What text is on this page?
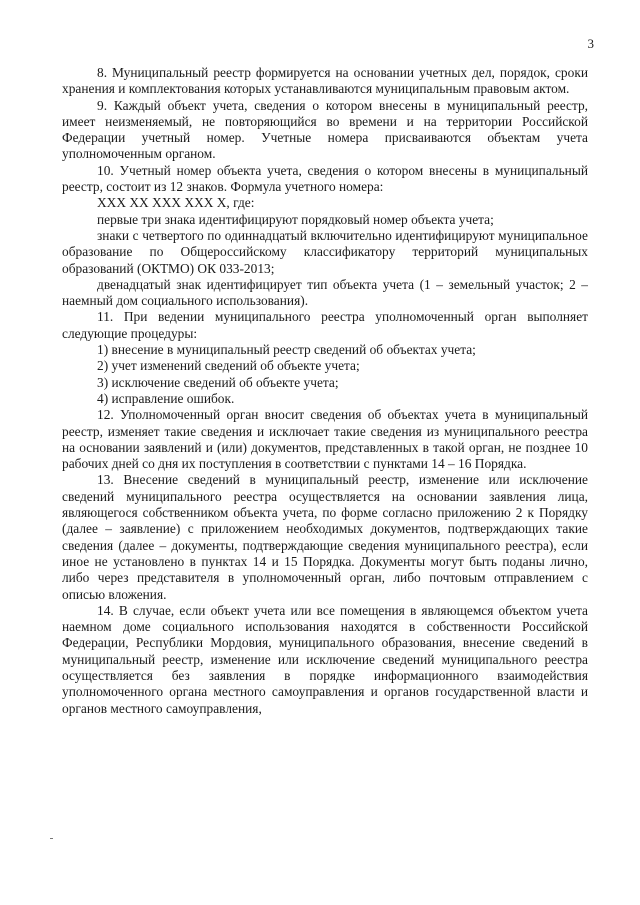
3

8. Муниципальный реестр формируется на основании учетных дел, порядок, сроки хранения и комплектования которых устанавливаются муниципальным правовым актом.

9. Каждый объект учета, сведения о котором внесены в муниципальный реестр, имеет неизменяемый, не повторяющийся во времени и на территории Российской Федерации учетный номер. Учетные номера присваиваются объектам учета уполномоченным органом.

10. Учетный номер объекта учета, сведения о котором внесены в муниципальный реестр, состоит из 12 знаков. Формула учетного номера:

ХХХ ХХ ХХХ ХХХ Х, где:

первые три знака идентифицируют порядковый номер объекта учета;

знаки с четвертого по одиннадцатый включительно идентифицируют муниципальное образование по Общероссийскому классификатору территорий муниципальных образований (ОКТМО) ОК 033-2013;

двенадцатый знак идентифицирует тип объекта учета (1 – земельный участок; 2 – наемный дом социального использования).

11. При ведении муниципального реестра уполномоченный орган выполняет следующие процедуры:

1) внесение в муниципальный реестр сведений об объектах учета;

2) учет изменений сведений об объекте учета;

3) исключение сведений об объекте учета;

4) исправление ошибок.

12. Уполномоченный орган вносит сведения об объектах учета в муниципальный реестр, изменяет такие сведения и исключает такие сведения из муниципального реестра на основании заявлений и (или) документов, представленных в такой орган, не позднее 10 рабочих дней со дня их поступления в соответствии с пунктами 14 – 16 Порядка.

13. Внесение сведений в муниципальный реестр, изменение или исключение сведений муниципального реестра осуществляется на основании заявления лица, являющегося собственником объекта учета, по форме согласно приложению 2 к Порядку (далее – заявление) с приложением необходимых документов, подтверждающих такие сведения (далее – документы, подтверждающие сведения муниципального реестра), если иное не установлено в пунктах 14 и 15 Порядка. Документы могут быть поданы лично, либо через представителя в уполномоченный орган, либо почтовым отправлением с описью вложения.

14. В случае, если объект учета или все помещения в являющемся объектом учета наемном доме социального использования находятся в собственности Российской Федерации, Республики Мордовия, муниципального образования, внесение сведений в муниципальный реестр, изменение или исключение сведений муниципального реестра осуществляется без заявления в порядке информационного взаимодействия уполномоченного органа местного самоуправления и органов государственной власти и органов местного самоуправления,
